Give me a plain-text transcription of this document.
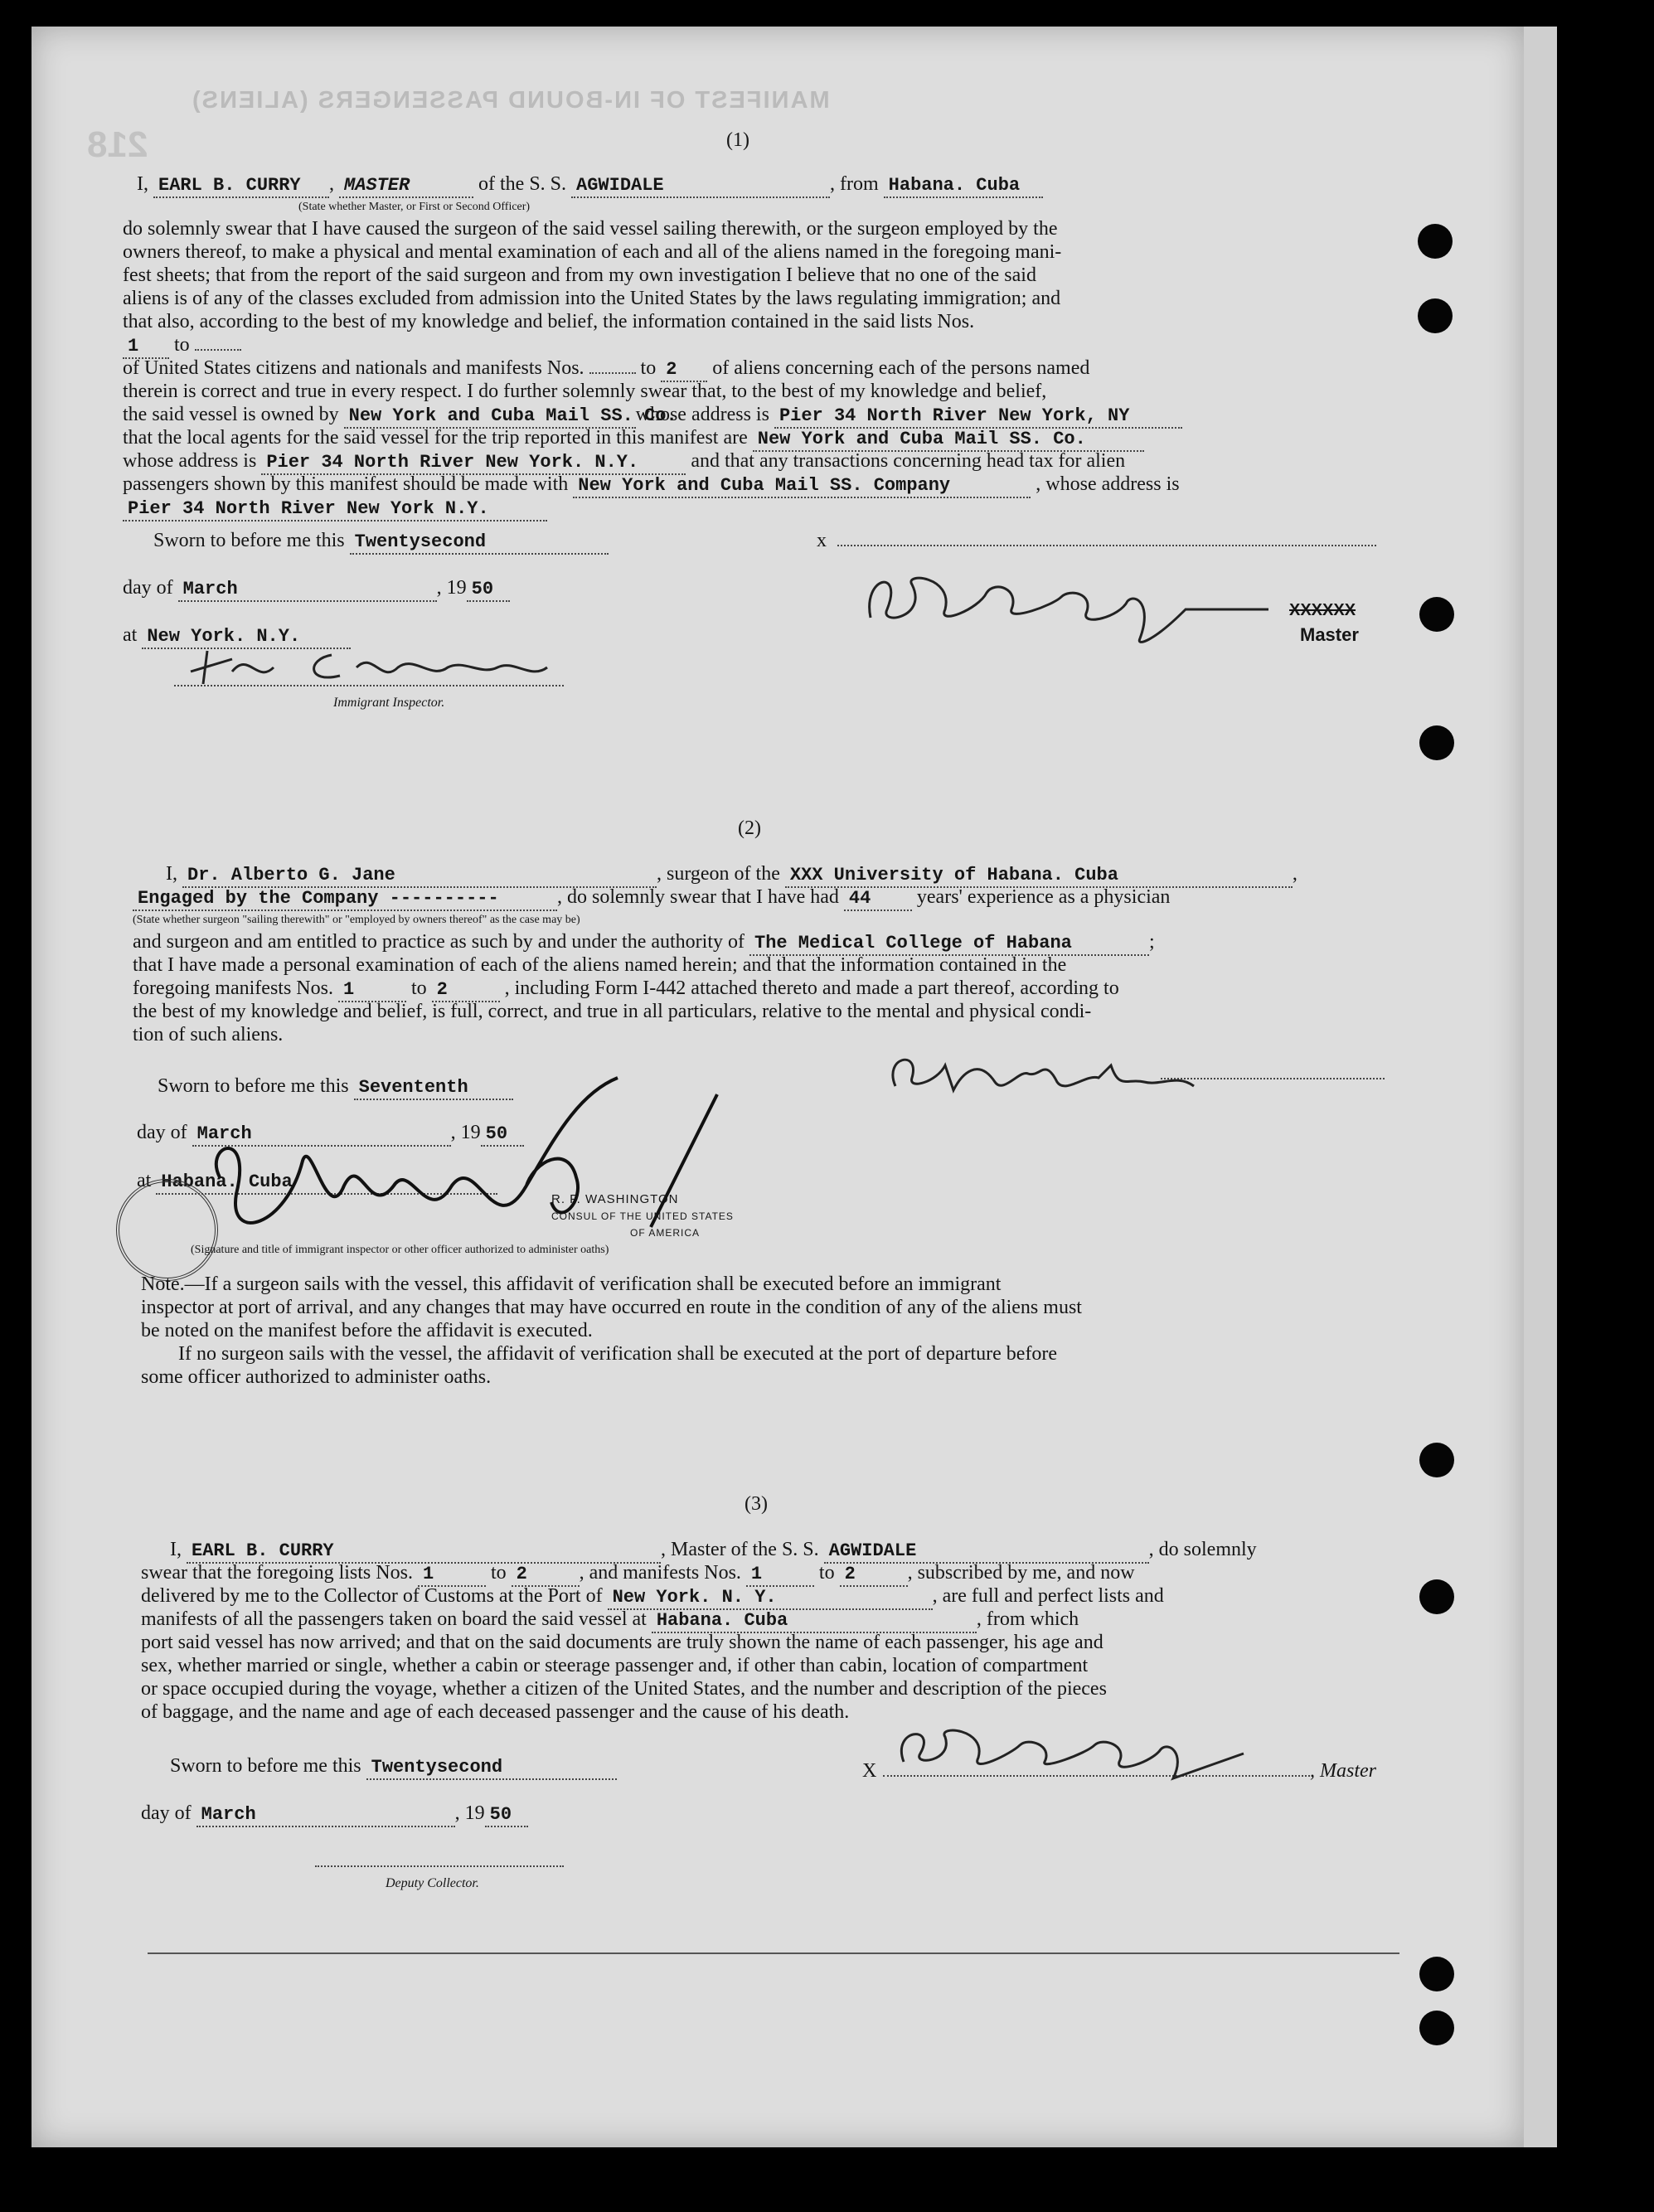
MANIFEST OF IN-BOUND PASSENGERS (ALIENS)
218	(1)
I, EARL B. CURRY , MASTER	of the S. S. AGWIDALE	, from Habana. Cuba
(State whether Master, or First or Second Officer)
do solemnly swear that I have caused the surgeon of the said vessel sailing therewith, or the surgeon employed by the
owners thereof, to make a physical and mental examination of each and all of the aliens named in the foregoing mani-
fest sheets; that from the report of the said surgeon and from my own investigation I believe that no one of the said
aliens is of any of the classes excluded from admission into the United States by the laws regulating immigration; and
that also, according to the best of my knowledge and belief, the information contained in the said lists Nos.
1 to
of United States citizens and nationals and manifests Nos.	to 2 of aliens concerning each of the persons named
therein is correct and true in every respect. I do further solemnly swear that, to the best of my knowledge and belief,
the said vessel is owned by New York and Cuba Mail SS. Co.whose address is Pier 34 North River New York, NY
that the local agents for the said vessel for the trip reported in this manifest are New York and Cuba Mail SS. Co.
whose address is Pier 34 North River New York. N.Y.	and that any transactions concerning head tax for alien
passengers shown by this manifest should be made with New York and Cuba Mail SS. Company	, whose address is
Pier 34 North River New York N.Y.
Sworn to before me this Twentysecond	x
day of March	, 19 50
at New York. N.Y.
XXXXXX
Master
Immigrant Inspector.
(2)
I, Dr. Alberto G. Jane	, surgeon of the XXX University of Habana. Cuba	,
Engaged by the Company ----------	, do solemnly swear that I have had 44 years' experience as a physician
(State whether surgeon "sailing therewith" or "employed by owners thereof" as the case may be)
and surgeon and am entitled to practice as such by and under the authority of The Medical College of Habana	;
that I have made a personal examination of each of the aliens named herein; and that the information contained in the
foregoing manifests Nos. 1	to 2	, including Form I-442 attached thereto and made a part thereof, according to
the best of my knowledge and belief, is full, correct, and true in all particulars, relative to the mental and physical condi-
tion of such aliens.
Sworn to before me this Sevententh
day of March	, 19 50
at Habana. Cuba
R. F. WASHINGTON
CONSUL OF THE UNITED STATES
OF AMERICA
(Signature and title of immigrant inspector or other officer authorized to administer oaths)
Note.—If a surgeon sails with the vessel, this affidavit of verification shall be executed before an immigrant
inspector at port of arrival, and any changes that may have occurred en route in the condition of any of the aliens must
be noted on the manifest before the affidavit is executed.
If no surgeon sails with the vessel, the affidavit of verification shall be executed at the port of departure before
some officer authorized to administer oaths.
(3)
I, EARL B. CURRY	, Master of the S. S. AGWIDALE	, do solemnly
swear that the foregoing lists Nos. 1	to 2	, and manifests Nos. 1	to 2	, subscribed by me, and now
delivered by me to the Collector of Customs at the Port of New York. N. Y.	, are full and perfect lists and
manifests of all the passengers taken on board the said vessel at Habana. Cuba	, from which
port said vessel has now arrived; and that on the said documents are truly shown the name of each passenger, his age and
sex, whether married or single, whether a cabin or steerage passenger and, if other than cabin, location of compartment
or space occupied during the voyage, whether a citizen of the United States, and the number and description of the pieces
of baggage, and the name and age of each deceased passenger and the cause of his death.
Sworn to before me this Twentysecond	X	, Master
day of March	, 19 50
Deputy Collector.
